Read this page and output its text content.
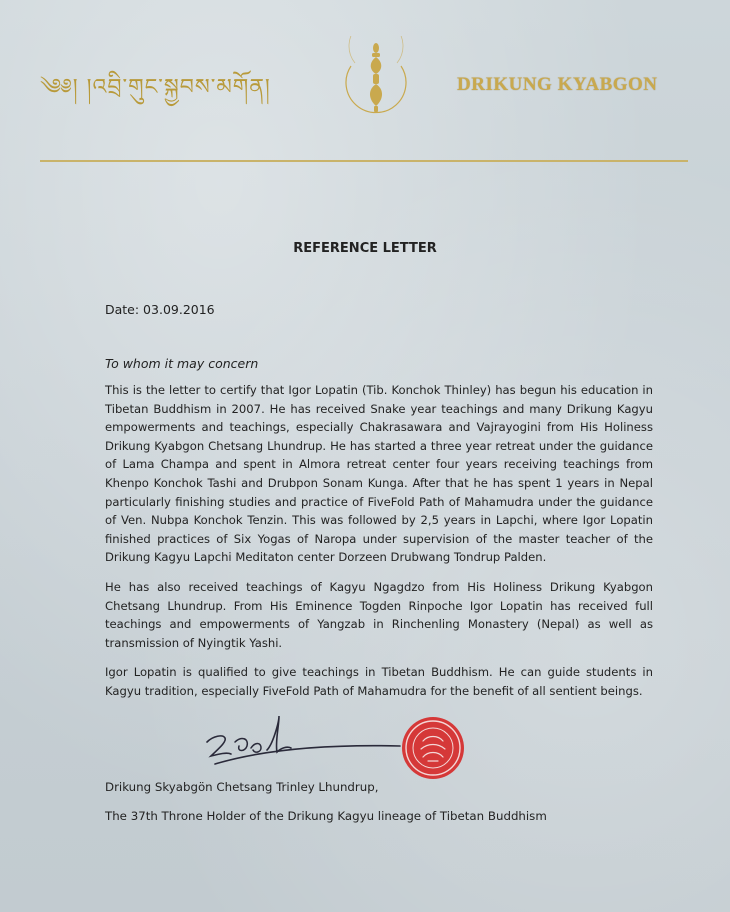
༄༅། །འབྲི་གུང་སྐྱབས་མགོན།	DRIKUNG KYABGON
REFERENCE LETTER
Date: 03.09.2016
To whom it may concern

This is the letter to certify that Igor Lopatin (Tib. Konchok Thinley) has begun his education in Tibetan Buddhism in 2007. He has received Snake year teachings and many Drikung Kagyu empowerments and teachings, especially Chakrasawara and Vajrayogini from His Holiness Drikung Kyabgon Chetsang Lhundrup. He has started a three year retreat under the guidance of Lama Champa and spent in Almora retreat center four years receiving teachings from Khenpo Konchok Tashi and Drubpon Sonam Kunga. After that he has spent 1 years in Nepal particularly finishing studies and practice of FiveFold Path of Mahamudra under the guidance of Ven. Nubpa Konchok Tenzin. This was followed by 2,5 years in Lapchi, where Igor Lopatin finished practices of Six Yogas of Naropa under supervision of the master teacher of the Drikung Kagyu Lapchi Meditaton center Dorzeen Drubwang Tondrup Palden.

He has also received teachings of Kagyu Ngagdzo from His Holiness Drikung Kyabgon Chetsang Lhundrup. From His Eminence Togden Rinpoche Igor Lopatin has received full teachings and empowerments of Yangzab in Rinchenling Monastery (Nepal) as well as transmission of Nyingtik Yashi.

Igor Lopatin is qualified to give teachings in Tibetan Buddhism. He can guide students in Kagyu tradition, especially FiveFold Path of Mahamudra for the benefit of all sentient beings.

Drikung Skyabgön Chetsang Trinley Lhundrup,
The 37th Throne Holder of the Drikung Kagyu lineage of Tibetan Buddhism
